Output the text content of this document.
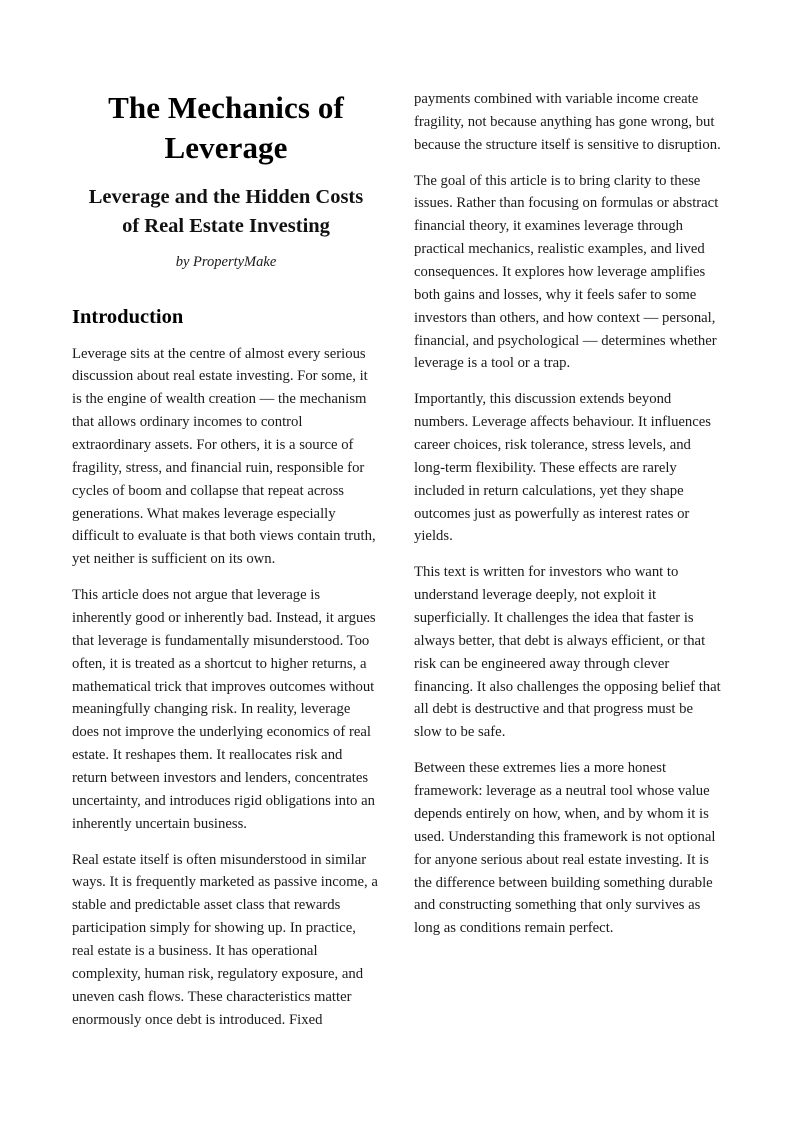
The Mechanics of Leverage
Leverage and the Hidden Costs of Real Estate Investing

by PropertyMake

Introduction

Leverage sits at the centre of almost every serious discussion about real estate investing. For some, it is the engine of wealth creation — the mechanism that allows ordinary incomes to control extraordinary assets. For others, it is a source of fragility, stress, and financial ruin, responsible for cycles of boom and collapse that repeat across generations. What makes leverage especially difficult to evaluate is that both views contain truth, yet neither is sufficient on its own.

This article does not argue that leverage is inherently good or inherently bad. Instead, it argues that leverage is fundamentally misunderstood. Too often, it is treated as a shortcut to higher returns, a mathematical trick that improves outcomes without meaningfully changing risk. In reality, leverage does not improve the underlying economics of real estate. It reshapes them. It reallocates risk and return between investors and lenders, concentrates uncertainty, and introduces rigid obligations into an inherently uncertain business.

Real estate itself is often misunderstood in similar ways. It is frequently marketed as passive income, a stable and predictable asset class that rewards participation simply for showing up. In practice, real estate is a business. It has operational complexity, human risk, regulatory exposure, and uneven cash flows. These characteristics matter enormously once debt is introduced. Fixed payments combined with variable income create fragility, not because anything has gone wrong, but because the structure itself is sensitive to disruption.

The goal of this article is to bring clarity to these issues. Rather than focusing on formulas or abstract financial theory, it examines leverage through practical mechanics, realistic examples, and lived consequences. It explores how leverage amplifies both gains and losses, why it feels safer to some investors than others, and how context — personal, financial, and psychological — determines whether leverage is a tool or a trap.

Importantly, this discussion extends beyond numbers. Leverage affects behaviour. It influences career choices, risk tolerance, stress levels, and long-term flexibility. These effects are rarely included in return calculations, yet they shape outcomes just as powerfully as interest rates or yields.

This text is written for investors who want to understand leverage deeply, not exploit it superficially. It challenges the idea that faster is always better, that debt is always efficient, or that risk can be engineered away through clever financing. It also challenges the opposing belief that all debt is destructive and that progress must be slow to be safe.

Between these extremes lies a more honest framework: leverage as a neutral tool whose value depends entirely on how, when, and by whom it is used. Understanding this framework is not optional for anyone serious about real estate investing. It is the difference between building something durable and constructing something that only survives as long as conditions remain perfect.
